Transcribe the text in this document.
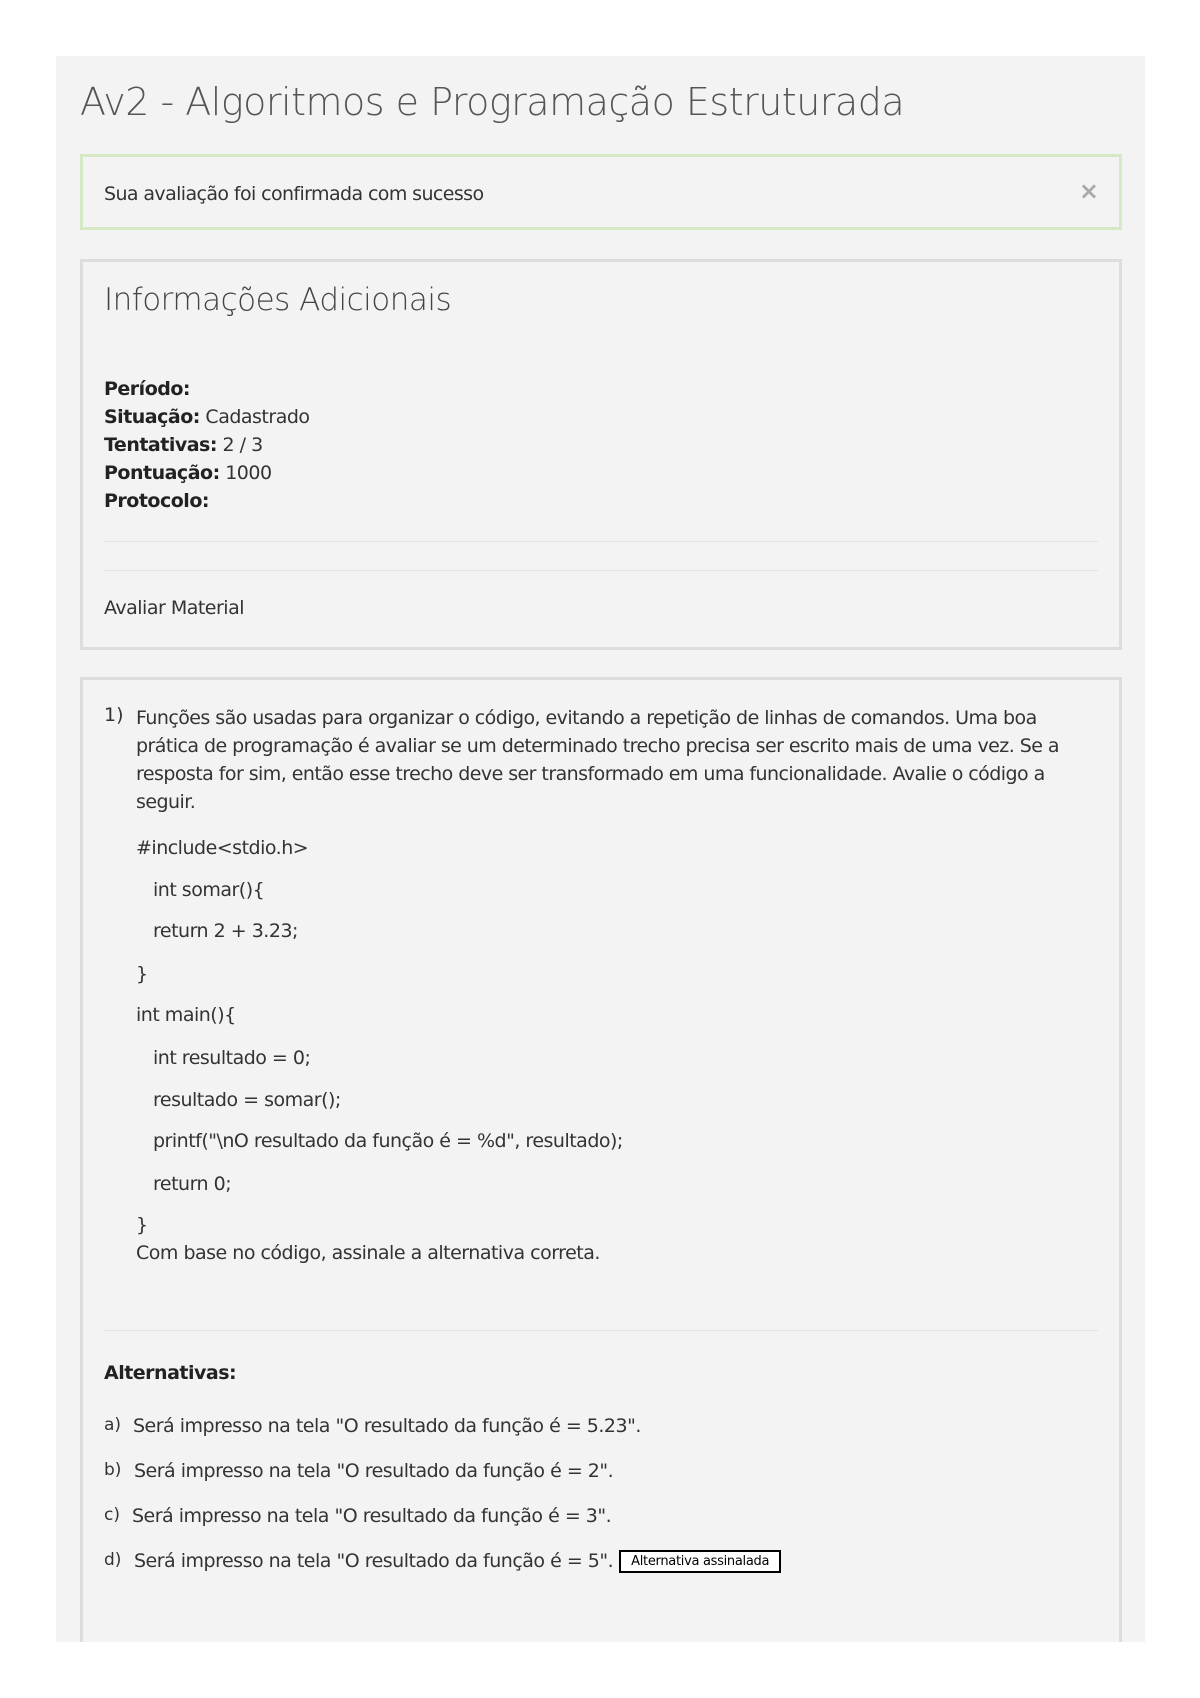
Av2 - Algoritmos e Programação Estruturada
Sua avaliação foi confirmada com sucesso	×
Informações Adicionais
Período:
Situação: Cadastrado
Tentativas: 2 / 3
Pontuação: 1000
Protocolo:
Avaliar Material
1) Funções são usadas para organizar o código, evitando a repetição de linhas de comandos. Uma boa prática de programação é avaliar se um determinado trecho precisa ser escrito mais de uma vez. Se a resposta for sim, então esse trecho deve ser transformado em uma funcionalidade. Avalie o código a seguir.
#include<stdio.h>
int somar(){
return 2 + 3.23;
}
int main(){
int resultado = 0;
resultado = somar();
printf("\nO resultado da função é = %d", resultado);
return 0;
}
Com base no código, assinale a alternativa correta.
Alternativas:
a) Será impresso na tela "O resultado da função é = 5.23".
b) Será impresso na tela "O resultado da função é = 2".
c) Será impresso na tela "O resultado da função é = 3".
d) Será impresso na tela "O resultado da função é = 5". Alternativa assinalada
